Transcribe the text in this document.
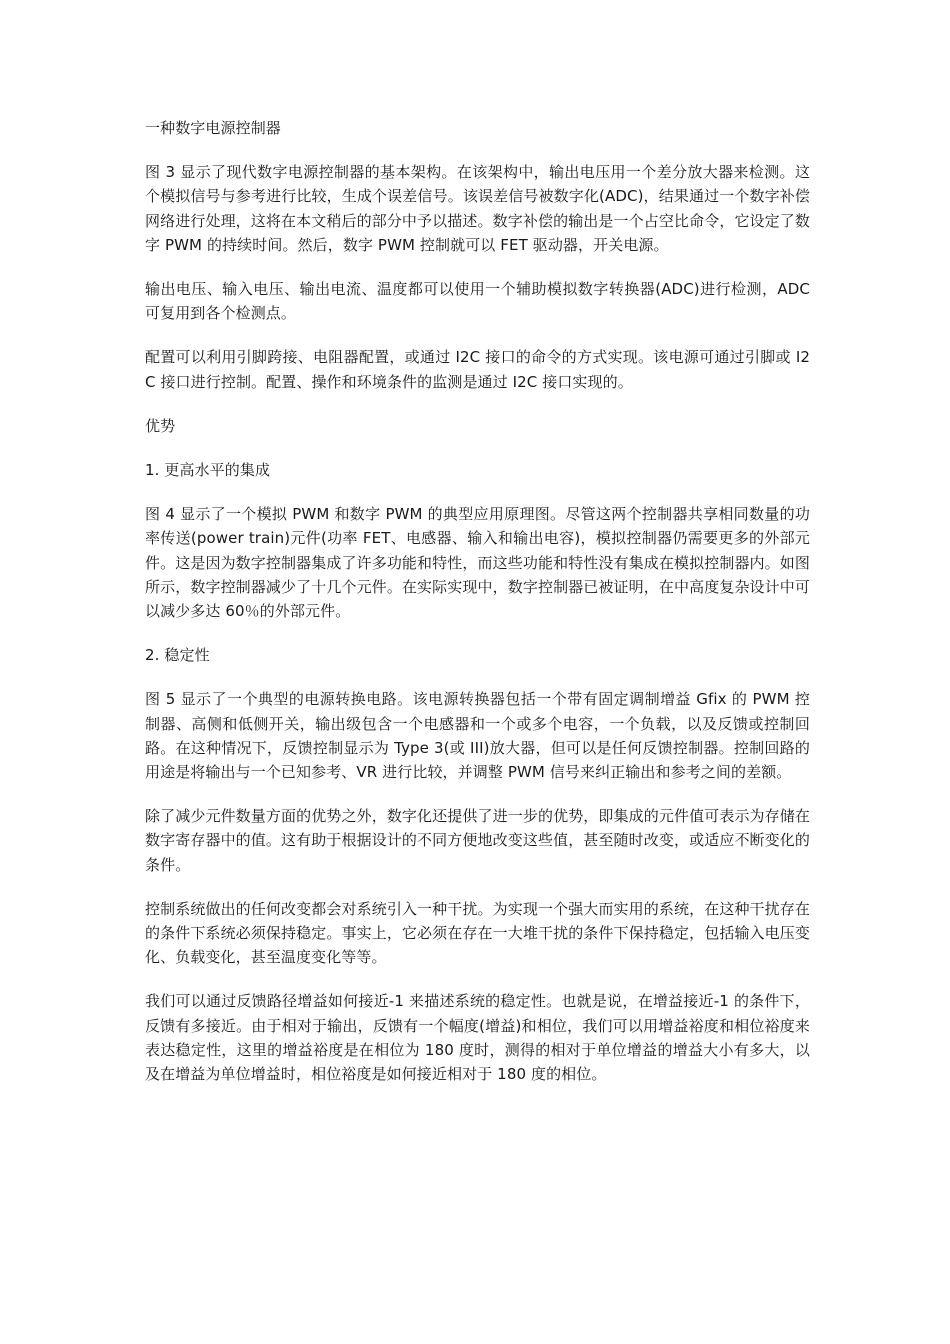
一种数字电源控制器

图 3 显示了现代数字电源控制器的基本架构。在该架构中，输出电压用一个差分放大器来检测。这个模拟信号与参考进行比较，生成个误差信号。该误差信号被数字化(ADC)，结果通过一个数字补偿网络进行处理，这将在本文稍后的部分中予以描述。数字补偿的输出是一个占空比命令，它设定了数字 PWM 的持续时间。然后，数字 PWM 控制就可以 FET 驱动器，开关电源。

输出电压、输入电压、输出电流、温度都可以使用一个辅助模拟数字转换器(ADC)进行检测，ADC 可复用到各个检测点。

配置可以利用引脚跨接、电阻器配置，或通过 I2C 接口的命令的方式实现。该电源可通过引脚或 I2C 接口进行控制。配置、操作和环境条件的监测是通过 I2C 接口实现的。

优势

1. 更高水平的集成

图 4 显示了一个模拟 PWM 和数字 PWM 的典型应用原理图。尽管这两个控制器共享相同数量的功率传送(power train)元件(功率 FET、电感器、输入和输出电容)，模拟控制器仍需要更多的外部元件。这是因为数字控制器集成了许多功能和特性，而这些功能和特性没有集成在模拟控制器内。如图所示，数字控制器减少了十几个元件。在实际实现中，数字控制器已被证明，在中高度复杂设计中可以减少多达 60％的外部元件。

2. 稳定性

图 5 显示了一个典型的电源转换电路。该电源转换器包括一个带有固定调制增益 Gfix 的 PWM 控制器、高侧和低侧开关，输出级包含一个电感器和一个或多个电容，一个负载，以及反馈或控制回路。在这种情况下，反馈控制显示为 Type 3(或 III)放大器，但可以是任何反馈控制器。控制回路的用途是将输出与一个已知参考、VR 进行比较，并调整 PWM 信号来纠正输出和参考之间的差额。

除了减少元件数量方面的优势之外，数字化还提供了进一步的优势，即集成的元件值可表示为存储在数字寄存器中的值。这有助于根据设计的不同方便地改变这些值，甚至随时改变，或适应不断变化的条件。

控制系统做出的任何改变都会对系统引入一种干扰。为实现一个强大而实用的系统，在这种干扰存在的条件下系统必须保持稳定。事实上，它必须在存在一大堆干扰的条件下保持稳定，包括输入电压变化、负载变化，甚至温度变化等等。

我们可以通过反馈路径增益如何接近-1 来描述系统的稳定性。也就是说，在增益接近-1 的条件下，反馈有多接近。由于相对于输出，反馈有一个幅度(增益)和相位，我们可以用增益裕度和相位裕度来表达稳定性，这里的增益裕度是在相位为 180 度时，测得的相对于单位增益的增益大小有多大，以及在增益为单位增益时，相位裕度是如何接近相对于 180 度的相位。
